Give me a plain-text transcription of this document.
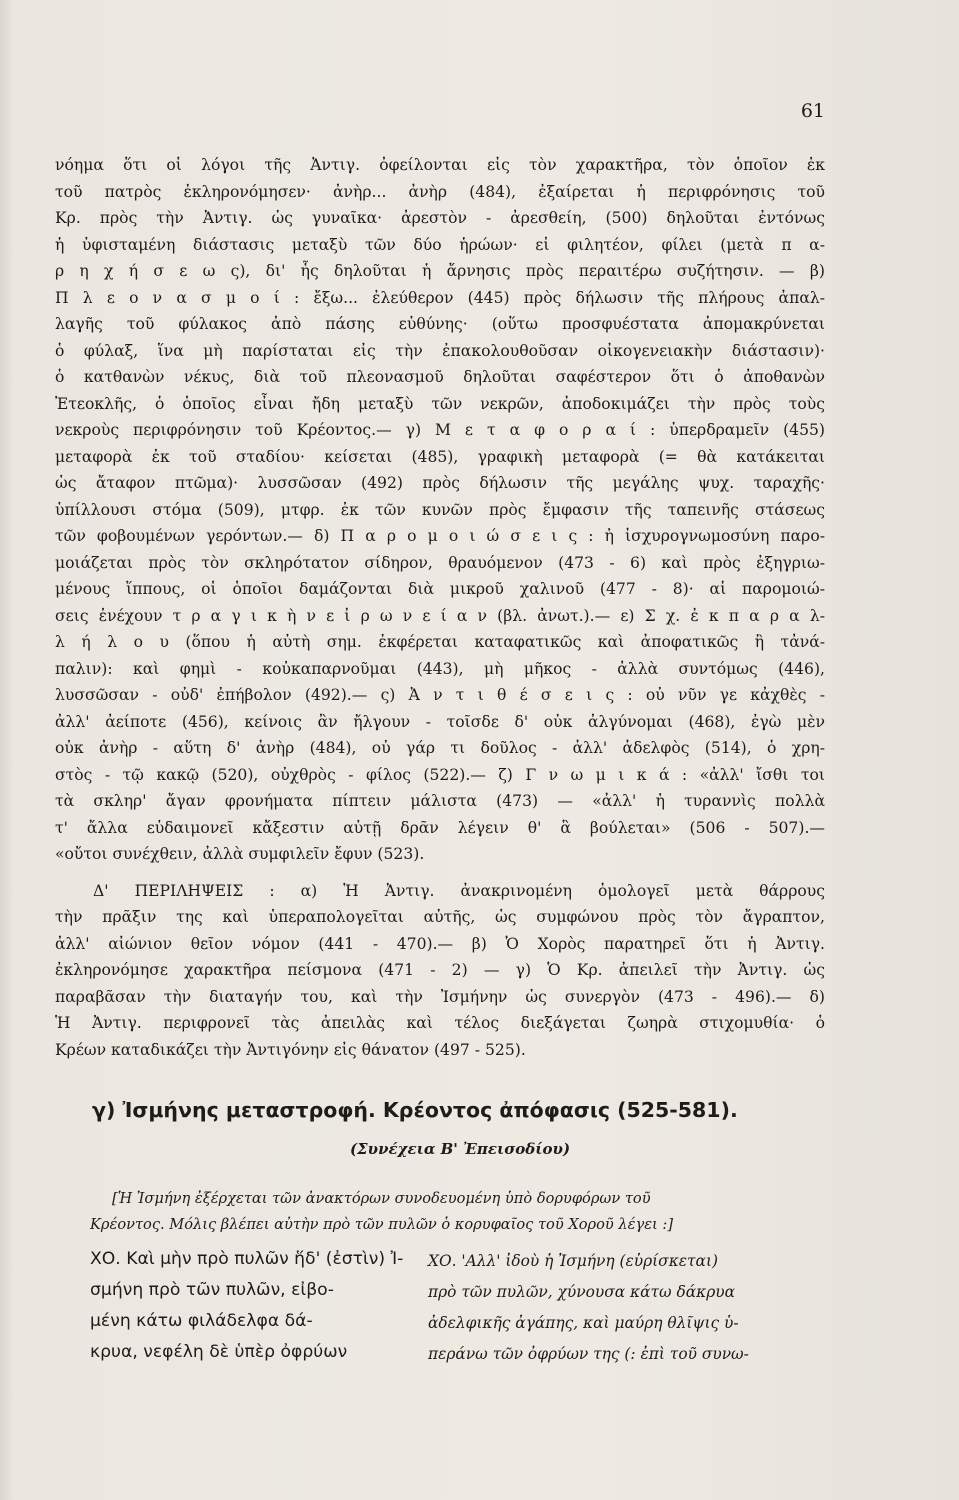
61
νόημα ὅτι οἱ λόγοι τῆς Ἀντιγ. ὀφείλονται εἰς τὸν χαρακτῆρα, τὸν ὁποῖον ἐκ
τοῦ πατρὸς ἐκληρονόμησεν· ἀνὴρ... ἀνὴρ (484), ἐξαίρεται ἡ περιφρόνησις τοῦ
Κρ. πρὸς τὴν Ἀντιγ. ὡς γυναῖκα· ἀρεστὸν - ἀρεσθείη, (500) δηλοῦται ἐντόνως
ἡ ὑφισταμένη διάστασις μεταξὺ τῶν δύο ἡρώων· εἰ φιλητέον, φίλει (μετὰ π α-
ρ η χ ή σ ε ω ς), δι' ἧς δηλοῦται ἡ ἄρνησις πρὸς περαιτέρω συζήτησιν. — β)
Π λ ε ο ν α σ μ ο ί : ἔξω... ἐλεύθερον (445) πρὸς δήλωσιν τῆς πλήρους ἀπαλ-
λαγῆς τοῦ φύλακος ἀπὸ πάσης εὐθύνης· (οὕτω προσφυέστατα ἀπομακρύνεται
ὁ φύλαξ, ἵνα μὴ παρίσταται εἰς τὴν ἐπακολουθοῦσαν οἰκογενειακὴν διάστασιν)·
ὁ κατθανὼν νέκυς, διὰ τοῦ πλεονασμοῦ δηλοῦται σαφέστερον ὅτι ὁ ἀποθανὼν
Ἐτεοκλῆς, ὁ ὁποῖος εἶναι ἤδη μεταξὺ τῶν νεκρῶν, ἀποδοκιμάζει τὴν πρὸς τοὺς
νεκροὺς περιφρόνησιν τοῦ Κρέοντος.— γ) Μ ε τ α φ ο ρ α ί : ὑπερδραμεῖν (455)
μεταφορὰ ἐκ τοῦ σταδίου· κείσεται (485), γραφικὴ μεταφορὰ (= θὰ κατάκειται
ὡς ἄταφον πτῶμα)· λυσσῶσαν (492) πρὸς δήλωσιν τῆς μεγάλης ψυχ. ταραχῆς·
ὑπίλλουσι στόμα (509), μτφρ. ἐκ τῶν κυνῶν πρὸς ἔμφασιν τῆς ταπεινῆς στάσεως
τῶν φοβουμένων γερόντων.— δ) Π α ρ ο μ ο ι ώ σ ε ι ς : ἡ ἰσχυρογνωμοσύνη παρο-
μοιάζεται πρὸς τὸν σκληρότατον σίδηρον, θραυόμενον (473 - 6) καὶ πρὸς ἐξηγριω-
μένους ἵππους, οἱ ὁποῖοι δαμάζονται διὰ μικροῦ χαλινοῦ (477 - 8)· αἱ παρομοιώ-
σεις ἐνέχουν τ ρ α γ ι κ ὴ ν ε ἰ ρ ω ν ε ί α ν (βλ. ἀνωτ.).— ε) Σ χ. ἐ κ π α ρ α λ-
λ ή λ ο υ (ὅπου ἡ αὐτὴ σημ. ἐκφέρεται καταφατικῶς καὶ ἀποφατικῶς ἢ τἀνά-
παλιν): καὶ φημὶ - κοὐκαπαρνοῦμαι (443), μὴ μῆκος - ἀλλὰ συντόμως (446),
λυσσῶσαν - οὐδ' ἐπήβολον (492).— ς) Ἀ ν τ ι θ έ σ ε ι ς : οὐ νῦν γε κἀχθὲς -
ἀλλ' ἀείποτε (456), κείνοις ἂν ἤλγουν - τοῖσδε δ' οὐκ ἀλγύνομαι (468), ἐγὼ μὲν
οὐκ ἀνὴρ - αὕτη δ' ἀνὴρ (484), οὐ γάρ τι δοῦλος - ἀλλ' ἀδελφὸς (514), ὁ χρη-
στὸς - τῷ κακῷ (520), οὐχθρὸς - φίλος (522).— ζ) Γ ν ω μ ι κ ά : «ἀλλ' ἴσθι τοι
τὰ σκληρ' ἄγαν φρονήματα πίπτειν μάλιστα (473) — «ἀλλ' ἡ τυραννὶς πολλὰ
τ' ἄλλα εὐδαιμονεῖ κἄξεστιν αὐτῇ δρᾶν λέγειν θ' ἃ βούλεται» (506 - 507).—
«οὔτοι συνέχθειν, ἀλλὰ συμφιλεῖν ἔφυν (523).
Δ' ΠΕΡΙΛΗΨΕΙΣ : α) Ἡ Ἀντιγ. ἀνακρινομένη ὁμολογεῖ μετὰ θάρρους
τὴν πρᾶξιν της καὶ ὑπεραπολογεῖται αὐτῆς, ὡς συμφώνου πρὸς τὸν ἄγραπτον,
ἀλλ' αἰώνιον θεῖον νόμον (441 - 470).— β) Ὁ Χορὸς παρατηρεῖ ὅτι ἡ Ἀντιγ.
ἐκληρονόμησε χαρακτῆρα πείσμονα (471 - 2) — γ) Ὁ Κρ. ἀπειλεῖ τὴν Ἀντιγ. ὡς
παραβᾶσαν τὴν διαταγήν του, καὶ τὴν Ἰσμήνην ὡς συνεργὸν (473 - 496).— δ)
Ἡ Ἀντιγ. περιφρονεῖ τὰς ἀπειλὰς καὶ τέλος διεξάγεται ζωηρὰ στιχομυθία· ὁ
Κρέων καταδικάζει τὴν Ἀντιγόνην εἰς θάνατον (497 - 525).
γ) Ἰσμήνης μεταστροφή. Κρέοντος ἀπόφασις (525-581).
(Συνέχεια Β' Ἐπεισοδίου)
[Ἡ Ἰσμήνη ἐξέρχεται τῶν ἀνακτόρων συνοδευομένη ὑπὸ δορυφόρων τοῦ
Κρέοντος. Μόλις βλέπει αὐτὴν πρὸ τῶν πυλῶν ὁ κορυφαῖος τοῦ Χοροῦ λέγει :]
ΧΟ. Καὶ μὴν πρὸ πυλῶν ἥδ' (ἐστὶν) Ἰ-
σμήνη πρὸ τῶν πυλῶν, εἰβο-
μένη κάτω φιλάδελφα δά-
κρυα, νεφέλη δὲ ὑπὲρ ὀφρύων
ΧΟ. 'Αλλ' ἰδοὺ ἡ Ἰσμήνη (εὑρίσκεται)
πρὸ τῶν πυλῶν, χύνουσα κάτω δάκρυα
ἀδελφικῆς ἀγάπης, καὶ μαύρη θλῖψις ὑ-
περάνω τῶν ὀφρύων της (: ἐπὶ τοῦ συνω-
